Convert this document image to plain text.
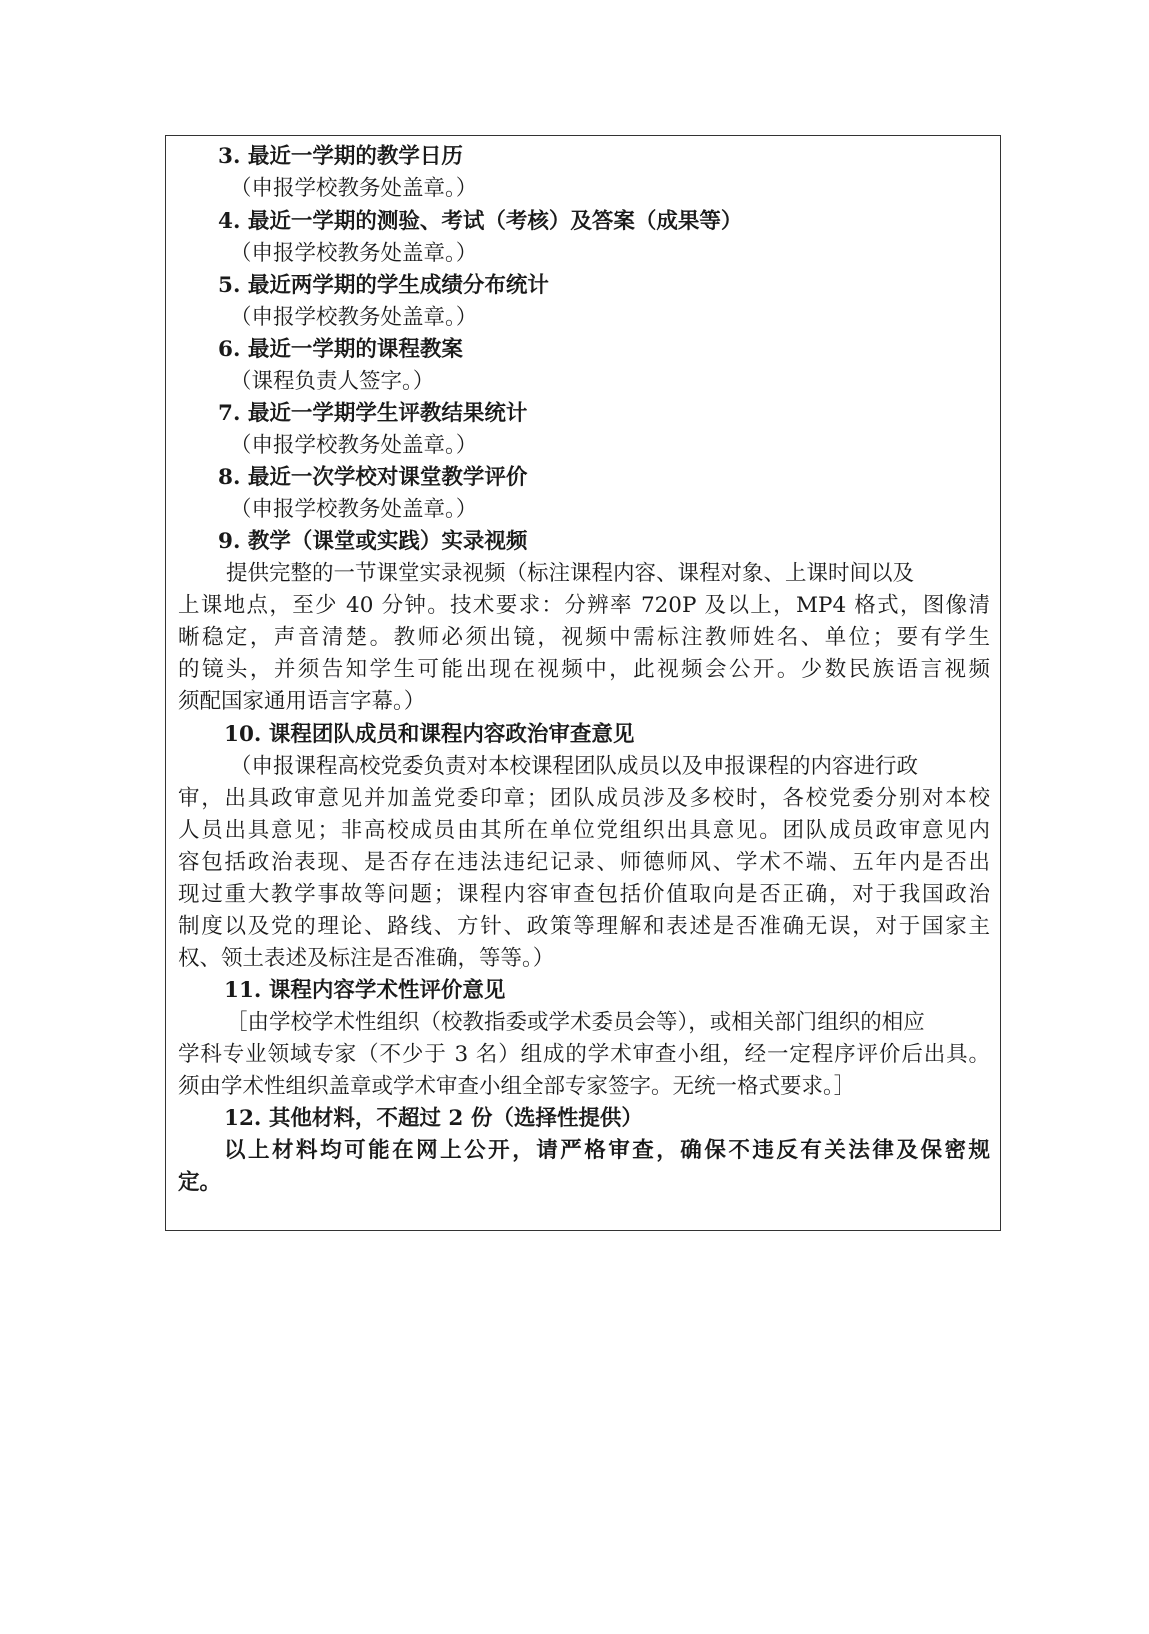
3. 最近一学期的教学日历
（申报学校教务处盖章。）
4. 最近一学期的测验、考试（考核）及答案（成果等）
（申报学校教务处盖章。）
5. 最近两学期的学生成绩分布统计
（申报学校教务处盖章。）
6. 最近一学期的课程教案
（课程负责人签字。）
7. 最近一学期学生评教结果统计
（申报学校教务处盖章。）
8. 最近一次学校对课堂教学评价
（申报学校教务处盖章。）
9. 教学（课堂或实践）实录视频
提供完整的一节课堂实录视频（标注课程内容、课程对象、上课时间以及
上课地点，至少 40 分钟。技术要求：分辨率 720P 及以上，MP4 格式，图像清
晰稳定，声音清楚。教师必须出镜，视频中需标注教师姓名、单位；要有学生
的镜头，并须告知学生可能出现在视频中，此视频会公开。少数民族语言视频
须配国家通用语言字幕。）
10. 课程团队成员和课程内容政治审查意见
（申报课程高校党委负责对本校课程团队成员以及申报课程的内容进行政
审，出具政审意见并加盖党委印章；团队成员涉及多校时，各校党委分别对本校
人员出具意见；非高校成员由其所在单位党组织出具意见。团队成员政审意见内
容包括政治表现、是否存在违法违纪记录、师德师风、学术不端、五年内是否出
现过重大教学事故等问题；课程内容审查包括价值取向是否正确，对于我国政治
制度以及党的理论、路线、方针、政策等理解和表述是否准确无误，对于国家主
权、领土表述及标注是否准确，等等。）
11. 课程内容学术性评价意见
［由学校学术性组织（校教指委或学术委员会等），或相关部门组织的相应
学科专业领域专家（不少于 3 名）组成的学术审查小组，经一定程序评价后出具。
须由学术性组织盖章或学术审查小组全部专家签字。无统一格式要求。］
12. 其他材料，不超过 2 份（选择性提供）
以上材料均可能在网上公开，请严格审查，确保不违反有关法律及保密规
定。
